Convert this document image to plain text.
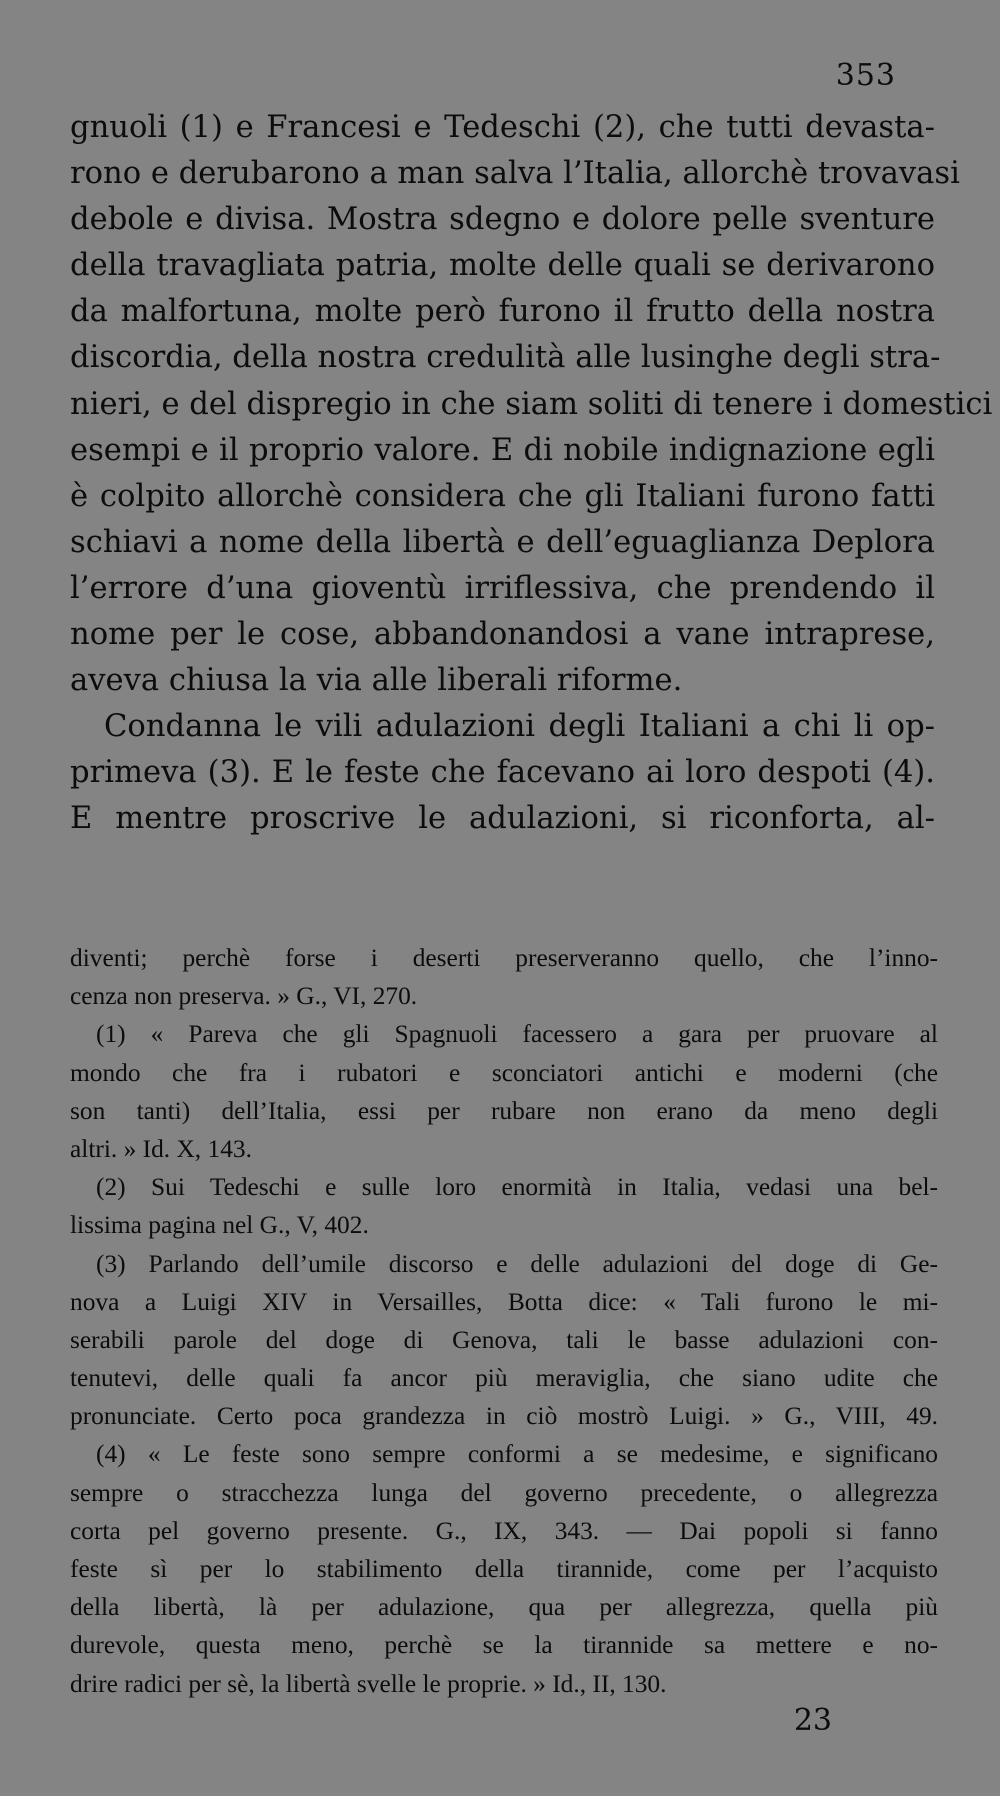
353
gnuoli (1) e Francesi e Tedeschi (2), che tutti devasta-
rono e derubarono a man salva l’Italia, allorchè trovavasi
debole e divisa. Mostra sdegno e dolore pelle sventure
della travagliata patria, molte delle quali se derivarono
da malfortuna, molte però furono il frutto della nostra
discordia, della nostra credulità alle lusinghe degli stra-
nieri, e del dispregio in che siam soliti di tenere i domestici
esempi e il proprio valore. E di nobile indignazione egli
è colpito allorchè considera che gli Italiani furono fatti
schiavi a nome della libertà e dell’eguaglianza Deplora
l’errore d’una gioventù irriflessiva, che prendendo il
nome per le cose, abbandonandosi a vane intraprese,
aveva chiusa la via alle liberali riforme.
Condanna le vili adulazioni degli Italiani a chi li op-
primeva (3). E le feste che facevano ai loro despoti (4).
E mentre proscrive le adulazioni, si riconforta, al-
diventi; perchè forse i deserti preserveranno quello, che l’inno-
cenza non preserva. » G., VI, 270.
(1) « Pareva che gli Spagnuoli facessero a gara per pruovare al
mondo che fra i rubatori e sconciatori antichi e moderni (che
son tanti) dell’Italia, essi per rubare non erano da meno degli
altri. » Id. X, 143.
(2) Sui Tedeschi e sulle loro enormità in Italia, vedasi una bel-
lissima pagina nel G., V, 402.
(3) Parlando dell’umile discorso e delle adulazioni del doge di Ge-
nova a Luigi XIV in Versailles, Botta dice: « Tali furono le mi-
serabili parole del doge di Genova, tali le basse adulazioni con-
tenutevi, delle quali fa ancor più meraviglia, che siano udite che
pronunciate. Certo poca grandezza in ciò mostrò Luigi. » G., VIII, 49.
(4) « Le feste sono sempre conformi a se medesime, e significano
sempre o stracchezza lunga del governo precedente, o allegrezza
corta pel governo presente. G., IX, 343. — Dai popoli si fanno
feste sì per lo stabilimento della tirannide, come per l’acquisto
della libertà, là per adulazione, qua per allegrezza, quella più
durevole, questa meno, perchè se la tirannide sa mettere e no-
drire radici per sè, la libertà svelle le proprie. » Id., II, 130.
23
